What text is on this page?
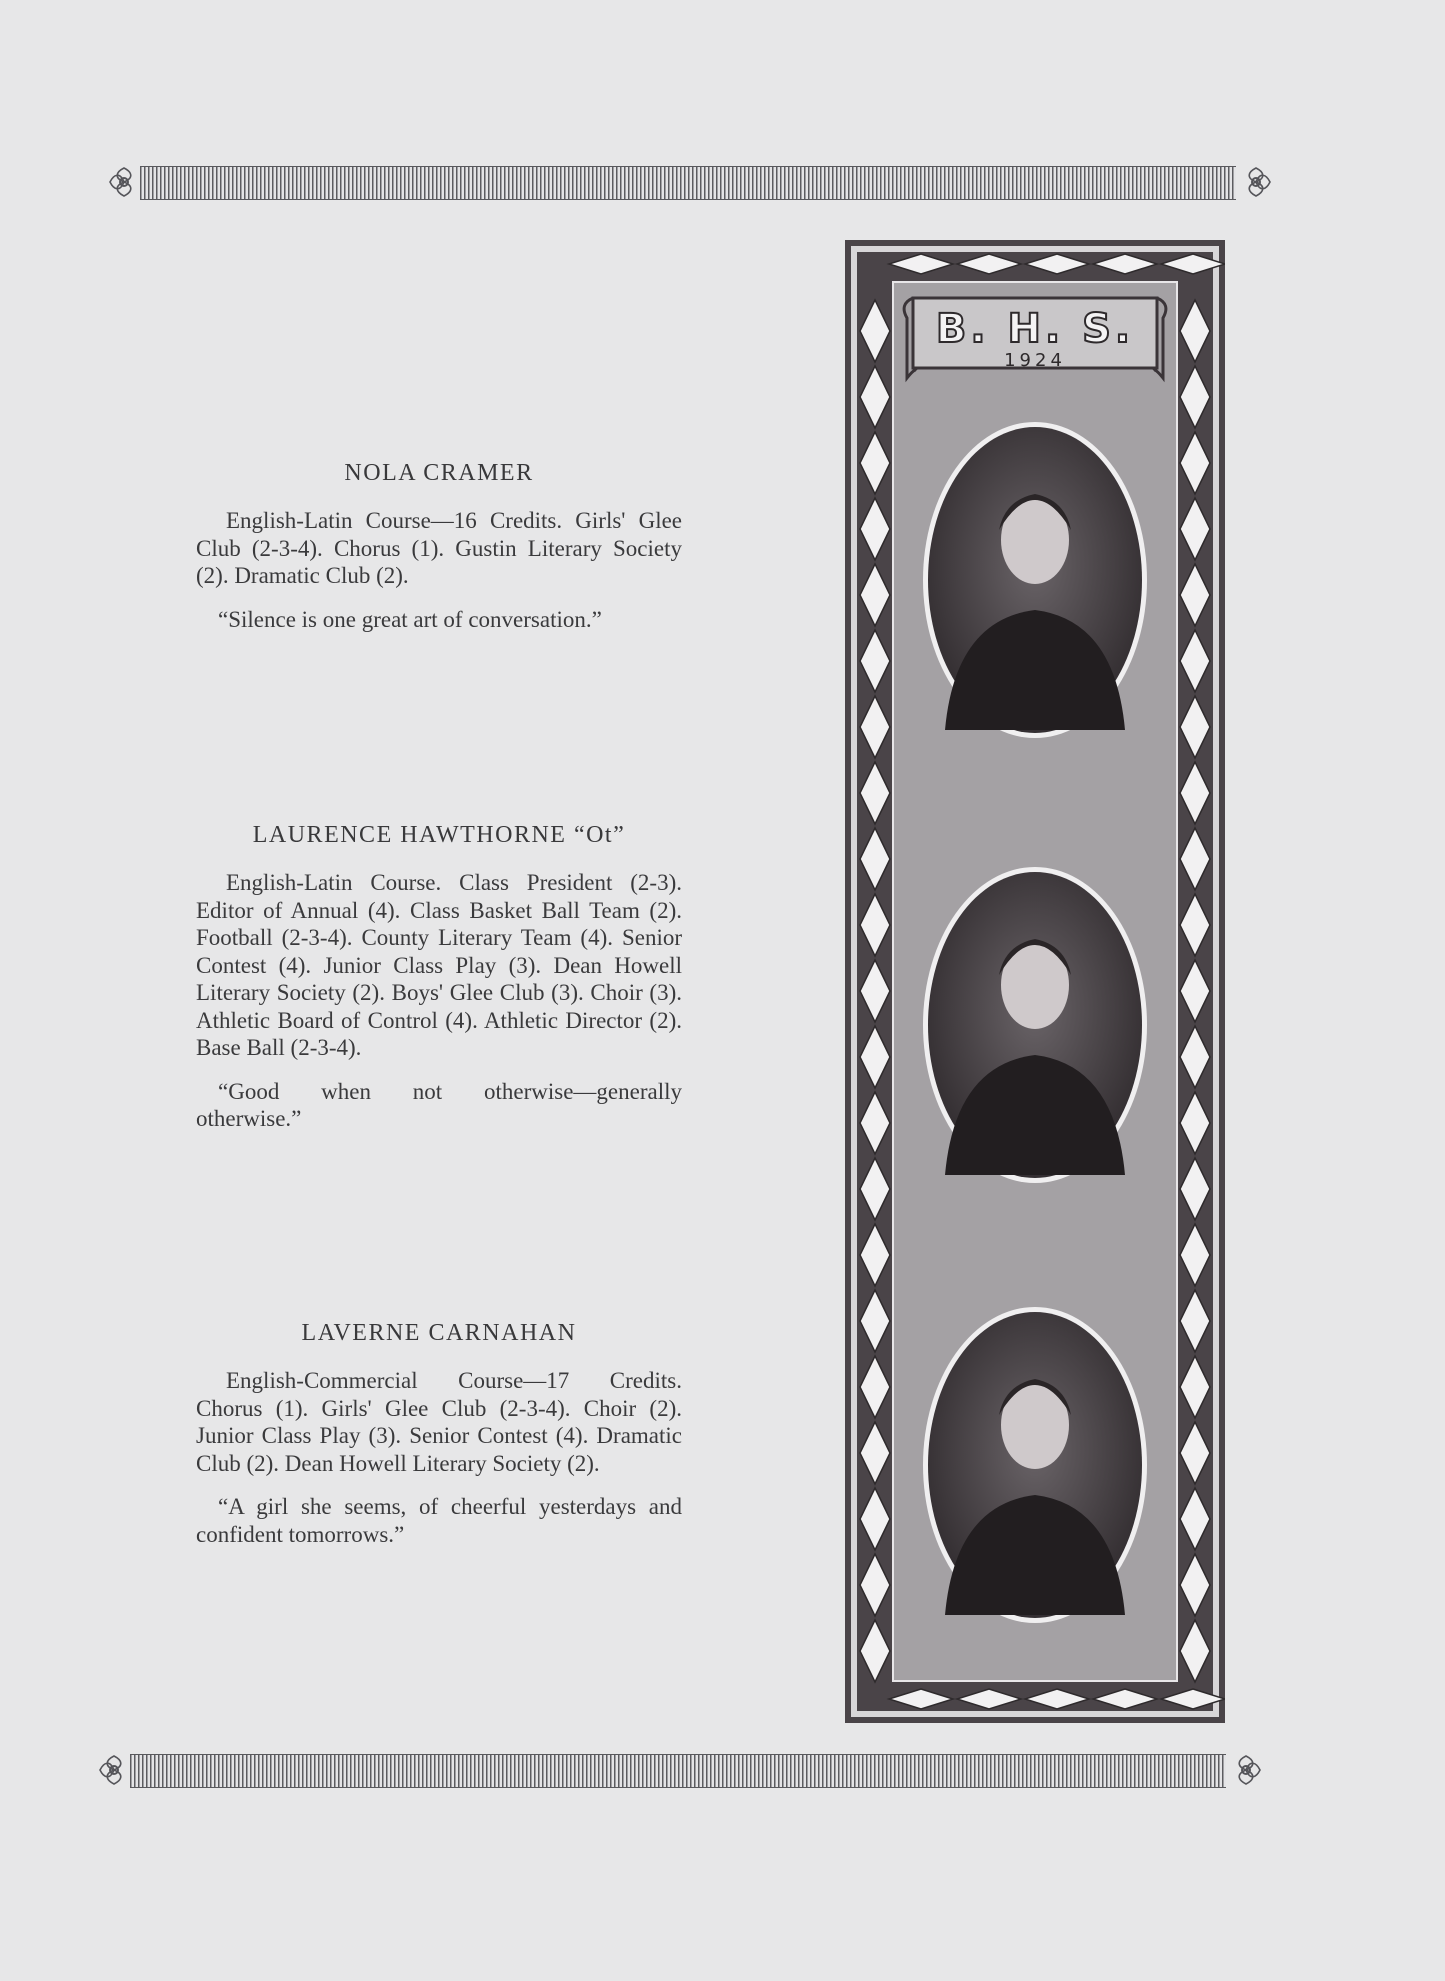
NOLA CRAMER

English-Latin Course—16 Credits. Girls' Glee Club (2-3-4). Chorus (1). Gustin Literary Society (2). Dramatic Club (2).

“Silence is one great art of conversation.”

LAURENCE HAWTHORNE “Ot”

English-Latin Course. Class President (2-3). Editor of Annual (4). Class Basket Ball Team (2). Football (2-3-4). County Literary Team (4). Senior Contest (4). Junior Class Play (3). Dean Howell Literary Society (2). Boys' Glee Club (3). Choir (3). Athletic Board of Control (4). Athletic Director (2). Base Ball (2-3-4).

“Good when not otherwise—generally otherwise.”

LAVERNE CARNAHAN

English-Commercial Course—17 Credits. Chorus (1). Girls' Glee Club (2-3-4). Choir (2). Junior Class Play (3). Senior Contest (4). Dramatic Club (2). Dean Howell Literary Society (2).

“A girl she seems, of cheerful yesterdays and confident tomorrows.”

B. H. S.
1924
